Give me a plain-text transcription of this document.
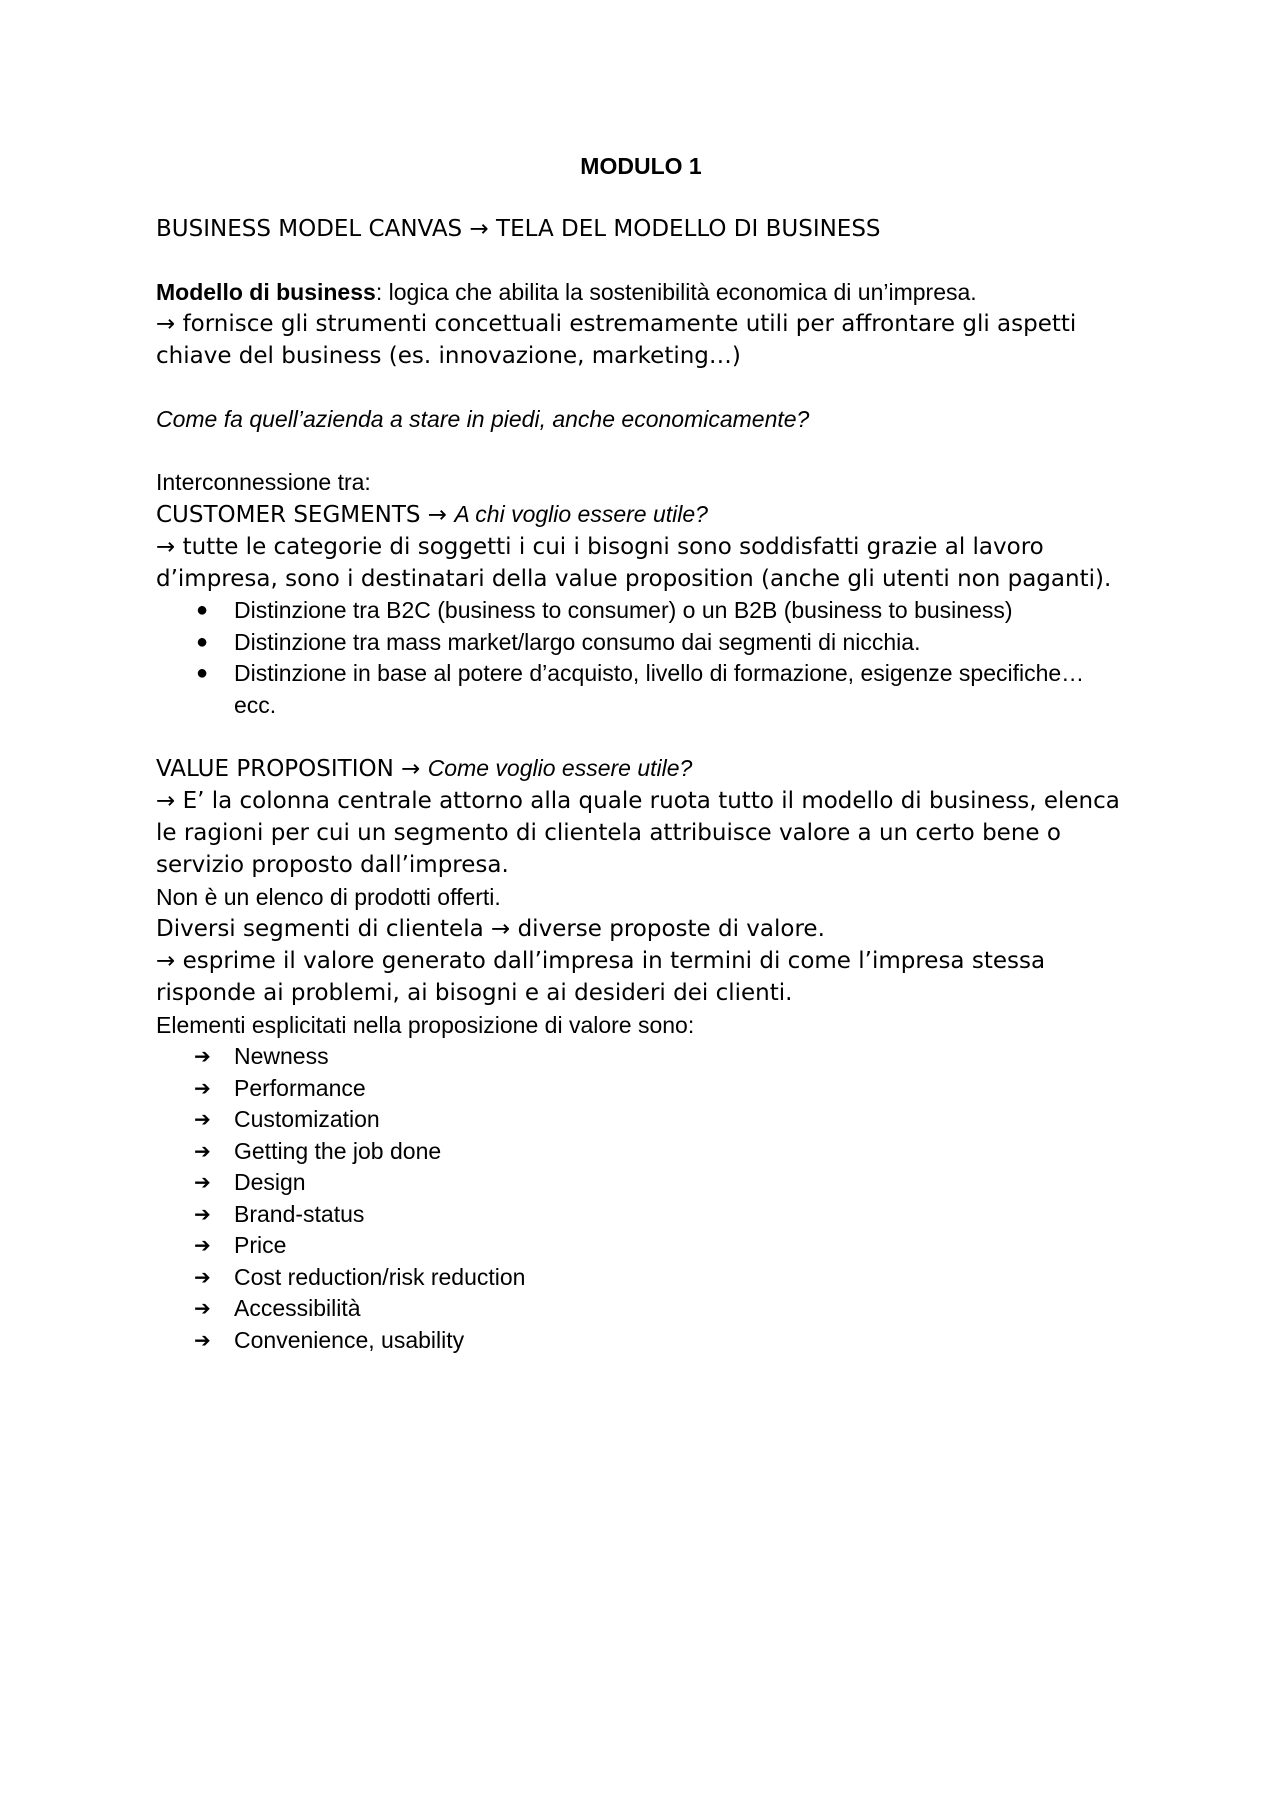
MODULO 1

BUSINESS MODEL CANVAS → TELA DEL MODELLO DI BUSINESS

Modello di business: logica che abilita la sostenibilità economica di un’impresa.

→ fornisce gli strumenti concettuali estremamente utili per affrontare gli aspetti chiave del business (es. innovazione, marketing…)

Come fa quell’azienda a stare in piedi, anche economicamente?

Interconnessione tra:

CUSTOMER SEGMENTS → A chi voglio essere utile?

→ tutte le categorie di soggetti i cui i bisogni sono soddisfatti grazie al lavoro d’impresa, sono i destinatari della value proposition (anche gli utenti non paganti).

● Distinzione tra B2C (business to consumer) o un B2B (business to business)
● Distinzione tra mass market/largo consumo dai segmenti di nicchia.
● Distinzione in base al potere d’acquisto, livello di formazione, esigenze specifiche… ecc.

VALUE PROPOSITION → Come voglio essere utile?

→ E’ la colonna centrale attorno alla quale ruota tutto il modello di business, elenca le ragioni per cui un segmento di clientela attribuisce valore a un certo bene o servizio proposto dall’impresa.

Non è un elenco di prodotti offerti.

Diversi segmenti di clientela → diverse proposte di valore.

→ esprime il valore generato dall’impresa in termini di come l’impresa stessa risponde ai problemi, ai bisogni e ai desideri dei clienti.

Elementi esplicitati nella proposizione di valore sono:

➔ Newness
➔ Performance
➔ Customization
➔ Getting the job done
➔ Design
➔ Brand-status
➔ Price
➔ Cost reduction/risk reduction
➔ Accessibilità
➔ Convenience, usability
